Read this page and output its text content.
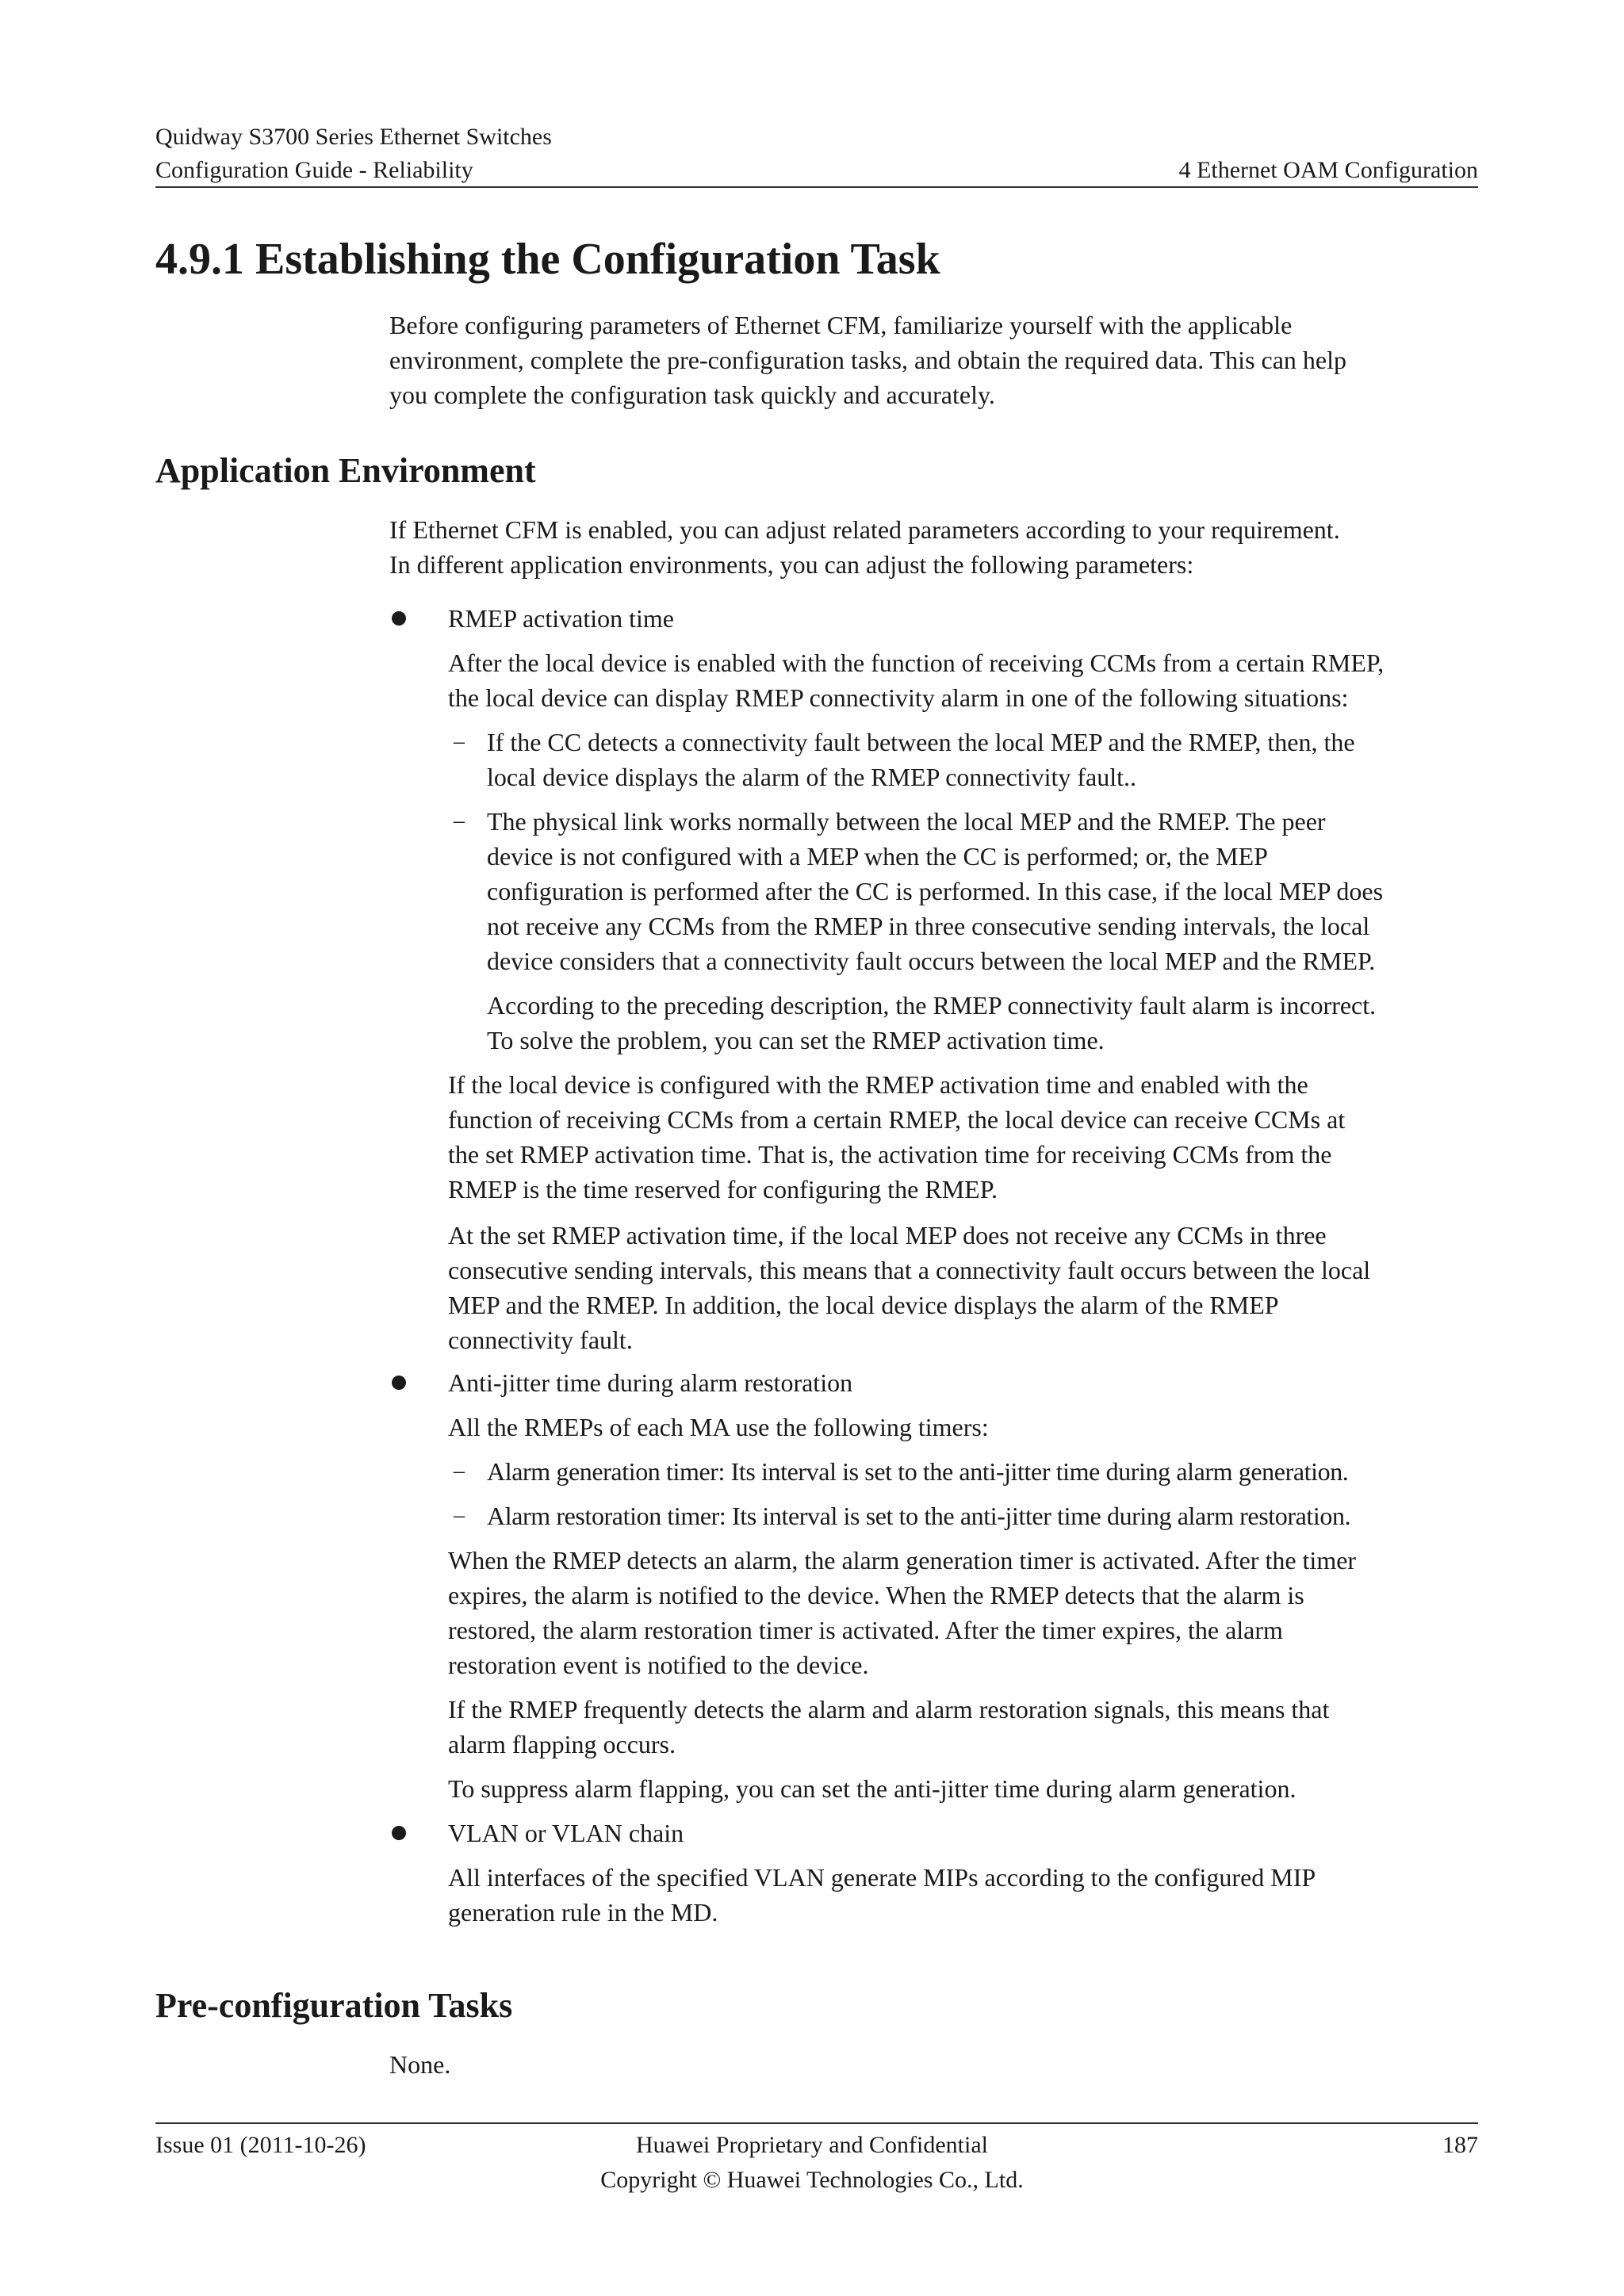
Quidway S3700 Series Ethernet Switches
Configuration Guide - Reliability	4 Ethernet OAM Configuration
4.9.1 Establishing the Configuration Task
Before configuring parameters of Ethernet CFM, familiarize yourself with the applicable
environment, complete the pre-configuration tasks, and obtain the required data. This can help
you complete the configuration task quickly and accurately.
Application Environment
If Ethernet CFM is enabled, you can adjust related parameters according to your requirement.
In different application environments, you can adjust the following parameters:
RMEP activation time
After the local device is enabled with the function of receiving CCMs from a certain RMEP,
the local device can display RMEP connectivity alarm in one of the following situations:
– If the CC detects a connectivity fault between the local MEP and the RMEP, then, the
local device displays the alarm of the RMEP connectivity fault..
– The physical link works normally between the local MEP and the RMEP. The peer
device is not configured with a MEP when the CC is performed; or, the MEP
configuration is performed after the CC is performed. In this case, if the local MEP does
not receive any CCMs from the RMEP in three consecutive sending intervals, the local
device considers that a connectivity fault occurs between the local MEP and the RMEP.
According to the preceding description, the RMEP connectivity fault alarm is incorrect.
To solve the problem, you can set the RMEP activation time.
If the local device is configured with the RMEP activation time and enabled with the
function of receiving CCMs from a certain RMEP, the local device can receive CCMs at
the set RMEP activation time. That is, the activation time for receiving CCMs from the
RMEP is the time reserved for configuring the RMEP.
At the set RMEP activation time, if the local MEP does not receive any CCMs in three
consecutive sending intervals, this means that a connectivity fault occurs between the local
MEP and the RMEP. In addition, the local device displays the alarm of the RMEP
connectivity fault.
Anti-jitter time during alarm restoration
All the RMEPs of each MA use the following timers:
– Alarm generation timer: Its interval is set to the anti-jitter time during alarm generation.
– Alarm restoration timer: Its interval is set to the anti-jitter time during alarm restoration.
When the RMEP detects an alarm, the alarm generation timer is activated. After the timer
expires, the alarm is notified to the device. When the RMEP detects that the alarm is
restored, the alarm restoration timer is activated. After the timer expires, the alarm
restoration event is notified to the device.
If the RMEP frequently detects the alarm and alarm restoration signals, this means that
alarm flapping occurs.
To suppress alarm flapping, you can set the anti-jitter time during alarm generation.
VLAN or VLAN chain
All interfaces of the specified VLAN generate MIPs according to the configured MIP
generation rule in the MD.
Pre-configuration Tasks
None.
Issue 01 (2011-10-26)	Huawei Proprietary and Confidential
Copyright © Huawei Technologies Co., Ltd.
187
